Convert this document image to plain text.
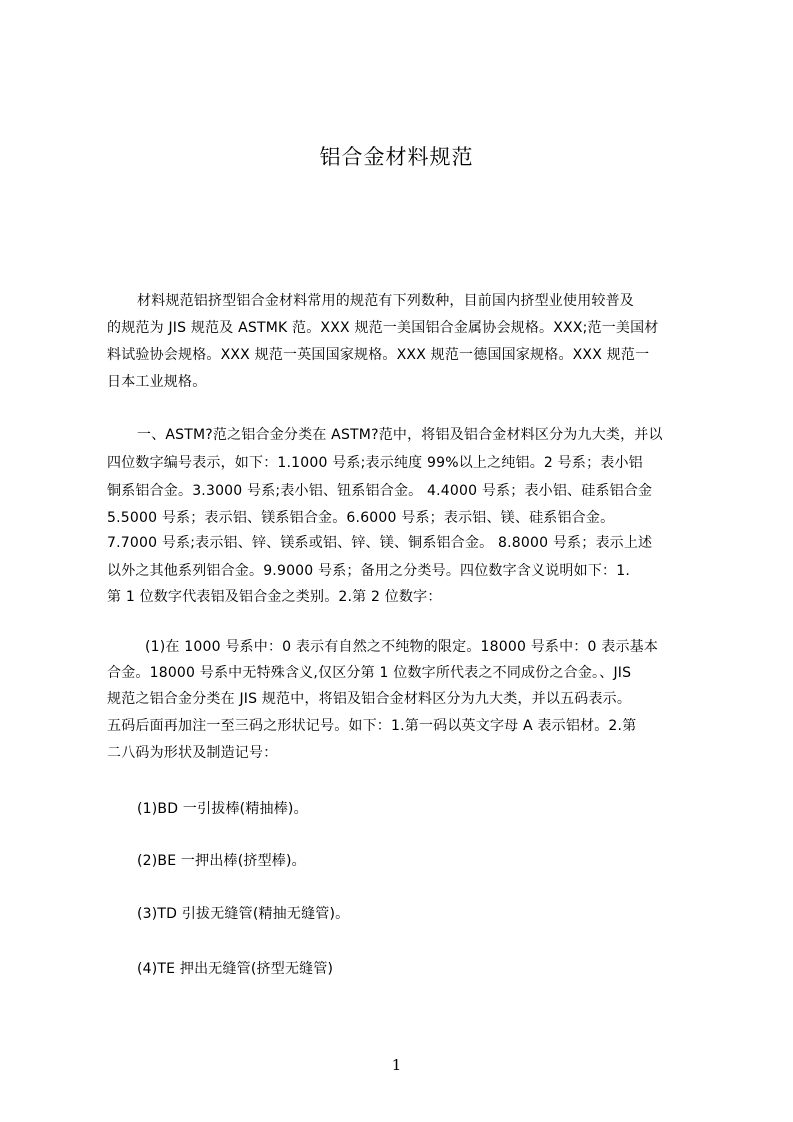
铝合金材料规范
材料规范铝挤型铝合金材料常用的规范有下列数种，目前国内挤型业使用较普及
的规范为 JIS 规范及 ASTMK 范。XXX 规范一美国铝合金属协会规格。XXX;范一美国材
料试验协会规格。XXX 规范一英国国家规格。XXX 规范一德国国家规格。XXX 规范一
日本工业规格。
一、ASTM?范之铝合金分类在 ASTM?范中，将铝及铝合金材料区分为九大类，并以
四位数字编号表示，如下：1.1000 号系;表示纯度 99%以上之纯铝。2 号系；表小铝
铜系铝合金。3.3000 号系;表小铝、钮系铝合金。 4.4000 号系；表小铝、硅系铝合金
5.5000 号系；表示铝、镁系铝合金。6.6000 号系；表示铝、镁、硅系铝合金。
7.7000 号系;表示铝、锌、镁系或铝、锌、镁、铜系铝合金。 8.8000 号系；表示上述
以外之其他系列铝合金。9.9000 号系；备用之分类号。四位数字含义说明如下：1.
第 1 位数字代表铝及铝合金之类别。2.第 2 位数字：
(1)在 1000 号系中：0 表示有自然之不纯物的限定。18000 号系中：0 表示基本
合金。18000 号系中无特殊含义,仅区分第 1 位数字所代表之不同成份之合金。、JIS
规范之铝合金分类在 JIS 规范中，将铝及铝合金材料区分为九大类，并以五码表示。
五码后面再加注一至三码之形状记号。如下：1.第一码以英文字母 A 表示铝材。2.第
二八码为形状及制造记号：
(1)BD 一引拔棒(精抽棒)。
(2)BE 一押出棒(挤型棒)。
(3)TD 引拔无缝管(精抽无缝管)。
(4)TE 押出无缝管(挤型无缝管)
1
